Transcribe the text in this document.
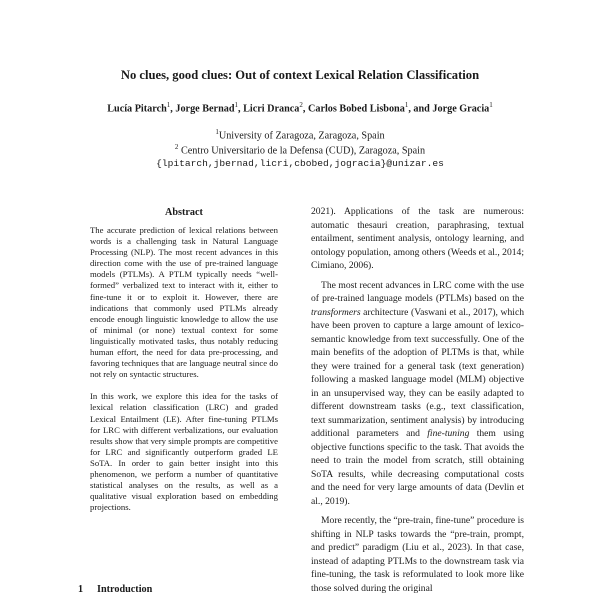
No clues, good clues: Out of context Lexical Relation Classification
Lucía Pitarch$^1$, Jorge Bernad$^1$, Licri Dranca$^2$, Carlos Bobed Lisbona$^1$, and Jorge Gracia$^1$
$^1$University of Zaragoza, Zaragoza, Spain
$^2$ Centro Universitario de la Defensa (CUD), Zaragoza, Spain
{lpitarch,jbernad,licri,cbobed,jogracia}@unizar.es
Abstract

The accurate prediction of lexical relations between words is a challenging task in Natural Language Processing (NLP). The most recent advances in this direction come with the use of pre-trained language models (PTLMs). A PTLM typically needs “well-formed” verbalized text to interact with it, either to fine-tune it or to exploit it. However, there are indications that commonly used PTLMs already encode enough linguistic knowledge to allow the use of minimal (or none) textual context for some linguistically motivated tasks, thus notably reducing human effort, the need for data pre-processing, and favoring techniques that are language neutral since do not rely on syntactic structures.

In this work, we explore this idea for the tasks of lexical relation classification (LRC) and graded Lexical Entailment (LE). After fine-tuning PTLMs for LRC with different verbalizations, our evaluation results show that very simple prompts are competitive for LRC and significantly outperform graded LE SoTA. In order to gain better insight into this phenomenon, we perform a number of quantitative statistical analyses on the results, as well as a qualitative visual exploration based on embedding projections.

1 Introduction

2021). Applications of the task are numerous: automatic thesauri creation, paraphrasing, textual entailment, sentiment analysis, ontology learning, and ontology population, among others (Weeds et al., 2014; Cimiano, 2006).

The most recent advances in LRC come with the use of pre-trained language models (PTLMs) based on the transformers architecture (Vaswani et al., 2017), which have been proven to capture a large amount of lexico-semantic knowledge from text successfully. One of the main benefits of the adoption of PLTMs is that, while they were trained for a general task (text generation) following a masked language model (MLM) objective in an unsupervised way, they can be easily adapted to different downstream tasks (e.g., text classification, text summarization, sentiment analysis) by introducing additional parameters and fine-tuning them using objective functions specific to the task. That avoids the need to train the model from scratch, still obtaining SoTA results, while decreasing computational costs and the need for very large amounts of data (Devlin et al., 2019).

More recently, the “pre-train, fine-tune” procedure is shifting in NLP tasks towards the “pre-train, prompt, and predict” paradigm (Liu et al., 2023). In that case, instead of adapting PTLMs to the downstream task via fine-tuning, the task is reformulated to look more like those solved during the original
